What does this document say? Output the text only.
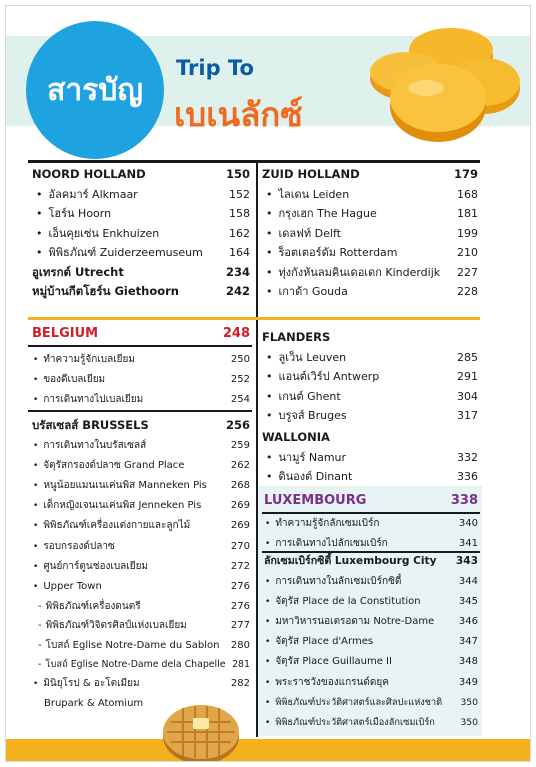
สารบัญ
Trip To
เบเนลักซ์
NOORD HOLLAND	150
• อัลคมาร์ Alkmaar	152
• โฮร์น Hoorn	158
• เอ็นคุยเซ่น Enkhuizen	162
• พิพิธภัณฑ์ Zuiderzeemuseum	164
อูเทรกต์ Utrecht	234
หมู่บ้านกีตโฮร์น Giethoorn	242
ZUID HOLLAND	179
• ไลเดน Leiden	168
• กรุงเฮก The Hague	181
• เดลฟท์ Delft	199
• ร็อตเตอร์ดัม Rotterdam	210
• ทุ่งกังหันลมคินเดอเดก Kinderdijk	227
• เกาด้า Gouda	228
BELGIUM	248
• ทำความรู้จักเบลเยียม	250
• ของดีเบลเยียม	252
• การเดินทางไปเบลเยียม	254
บรัสเซลส์ BRUSSELS	256
• การเดินทางในบรัสเซลส์	259
• จัตุรัสกรองด์ปลาซ Grand Place	262
• หนูน้อยแมนเนเค่นพิส Manneken Pis	268
• เด็กหญิงเจนเนเค่นพิส Jenneken Pis	269
• พิพิธภัณฑ์เครื่องแต่งกายและลูกไม้	269
• รอบกรองด์ปลาซ	270
• ศูนย์การ์ตูนช่องเบลเยียม	272
• Upper Town	276
- พิพิธภัณฑ์เครื่องดนตรี	276
- พิพิธภัณฑ์วิจิตรศิลป์แห่งเบลเยียม	277
- โบสถ์ Eglise Notre-Dame du Sablon	280
- โบสถ์ Eglise Notre-Dame dela Chapelle 281
• มินิยุโรป & อะโตเมียม	282
Brupark & Atomium
FLANDERS
• ลูเว็น Leuven	285
• แอนต์เวิร์ป Antwerp	291
• เกนต์ Ghent	304
• บรูจส์ Bruges	317
WALLONIA
• นามูร์ Namur	332
• ดินองต์ Dinant	336
LUXEMBOURG	338
• ทำความรู้จักลักเซมเบิร์ก	340
• การเดินทางไปลักเซมเบิร์ก	341
ลักเซมเบิร์กซิตี้ Luxembourg City	343
• การเดินทางในลักเซมเบิร์กซิตี้	344
• จัตุรัส Place de la Constitution	345
• มหาวิหารนอเตรอดาม Notre-Dame	346
• จัตุรัส Place d'Armes	347
• จัตุรัส Place Guillaume II	348
• พระราชวังของแกรนด์ดยุค	349
• พิพิธภัณฑ์ประวัติศาสตร์และศิลปะแห่งชาติ	350
• พิพิธภัณฑ์ประวัติศาสตร์เมืองลักเซมเบิร์ก	350
